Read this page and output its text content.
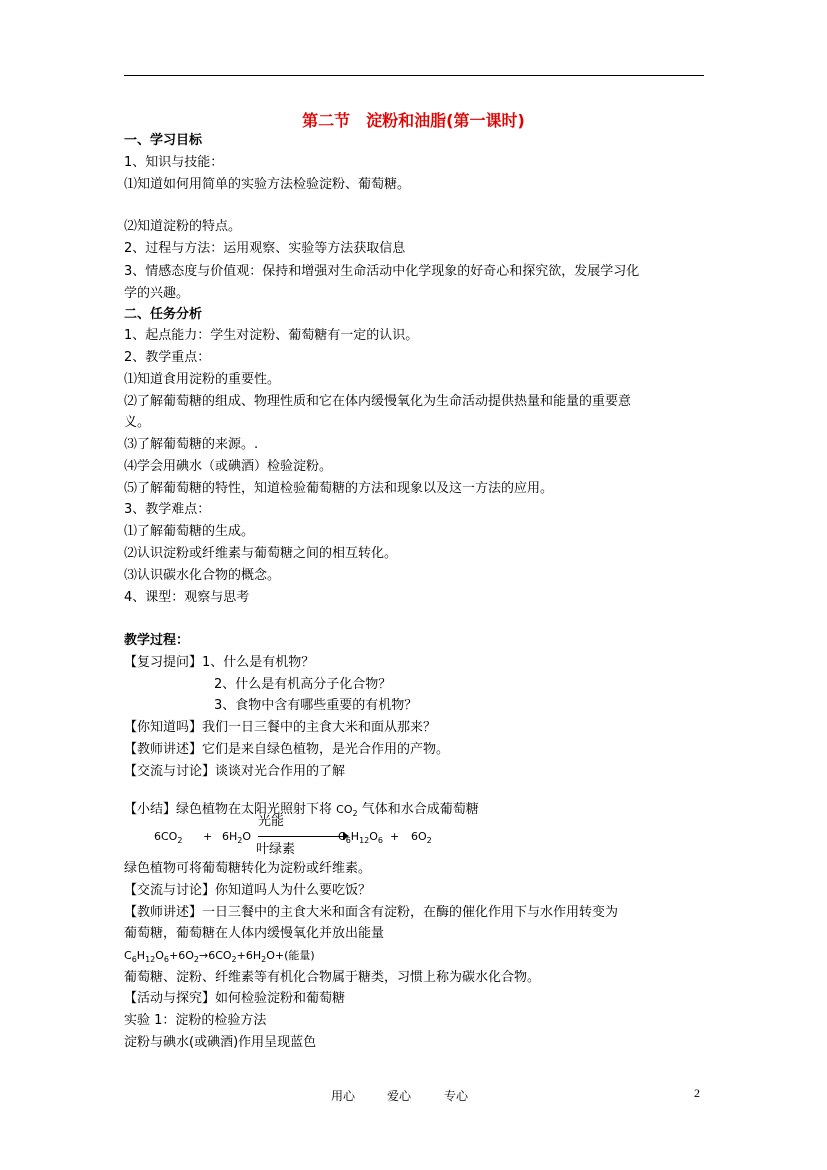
第二节　淀粉和油脂(第一课时)
一、学习目标
1、知识与技能：
⑴知道如何用简单的实验方法检验淀粉、葡萄糖。
⑵知道淀粉的特点。
2、过程与方法：运用观察、实验等方法获取信息
3、情感态度与价值观：保持和增强对生命活动中化学现象的好奇心和探究欲，发展学习化
学的兴趣。
二、任务分析
1、起点能力：学生对淀粉、葡萄糖有一定的认识。
2、教学重点：
⑴知道食用淀粉的重要性。
⑵了解葡萄糖的组成、物理性质和它在体内缓慢氧化为生命活动提供热量和能量的重要意
义。
⑶了解葡萄糖的来源。.
⑷学会用碘水（或碘酒）检验淀粉。
⑸了解葡萄糖的特性，知道检验葡萄糖的方法和现象以及这一方法的应用。
3、教学难点：
⑴了解葡萄糖的生成。
⑵认识淀粉或纤维素与葡萄糖之间的相互转化。
⑶认识碳水化合物的概念。
4、课型：观察与思考
教学过程：
【复习提问】1、什么是有机物？
2、什么是有机高分子化合物？
3、食物中含有哪些重要的有机物？
【你知道吗】我们一日三餐中的主食大米和面从那来？
【教师讲述】它们是来自绿色植物，是光合作用的产物。
【交流与讨论】谈谈对光合作用的了解
【小结】绿色植物在太阳光照射下将 $CO_2$ 气体和水合成葡萄糖
$6CO_2 + 6H_2O$
光能
叶绿素
$C_6H_{12}O_6 + 6O_2$
绿色植物可将葡萄糖转化为淀粉或纤维素。
【交流与讨论】你知道吗人为什么要吃饭？
【教师讲述】一日三餐中的主食大米和面含有淀粉，在酶的催化作用下与水作用转变为
葡萄糖，葡萄糖在人体内缓慢氧化并放出能量
$C_6H_{12}O_6+6O_2\to 6CO_2+6H_2O+$(能量)
葡萄糖、淀粉、纤维素等有机化合物属于糖类，习惯上称为碳水化合物。
【活动与探究】如何检验淀粉和葡萄糖
实验 1：淀粉的检验方法
淀粉与碘水(或碘酒)作用呈现蓝色
用心	爱心	专心	2
